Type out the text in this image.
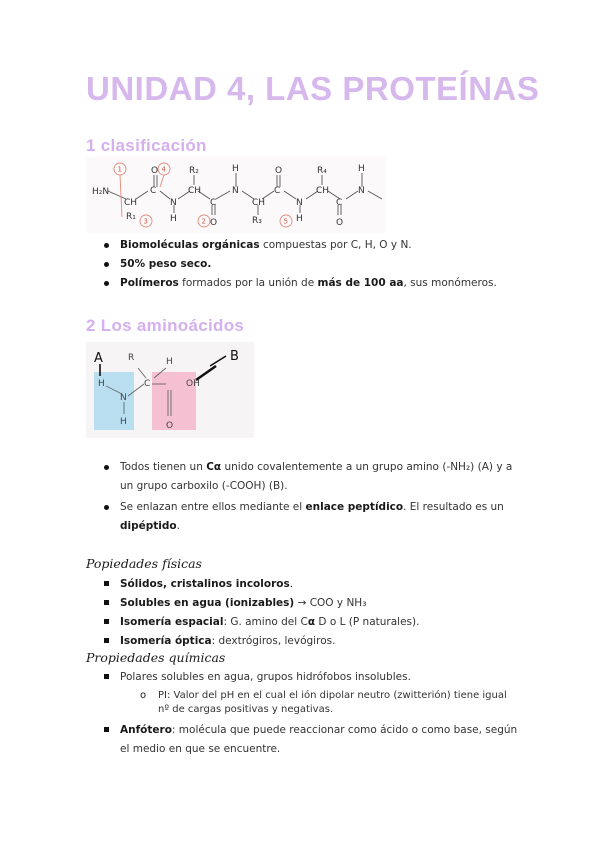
UNIDAD 4, LAS PROTEÍNAS
1 clasificación
H₂N
CH
R₁
C
O
N
H
CH
R₂
C
O
N
H
CH
R₃
C
O
N
H
CH
R₄
C
O
N
H
1
3
4
2	5
Biomoléculas orgánicas compuestas por C, H, O y N.
50% peso seco.
Polímeros formados por la unión de más de 100 aa, sus monómeros.
2 Los aminoácidos
A	B
R	H
C
H
N
H
OH
O
Todos tienen un Cα unido covalentemente a un grupo amino (-NH₂) (A) y a un grupo carboxilo (-COOH) (B).
Se enlazan entre ellos mediante el enlace peptídico. El resultado es un dipéptido.
Popiedades físicas
Sólidos, cristalinos incoloros.
Solubles en agua (ionizables) → COO y NH₃
Isomería espacial: G. amino del Cα D o L (P naturales).
Isomería óptica: dextrógiros, levógiros.
Propiedades químicas
Polares solubles en agua, grupos hidrófobos insolubles.
o PI: Valor del pH en el cual el ión dipolar neutro (zwitterión) tiene igual nº de cargas positivas y negativas.
Anfótero: molécula que puede reaccionar como ácido o como base, según el medio en que se encuentre.
